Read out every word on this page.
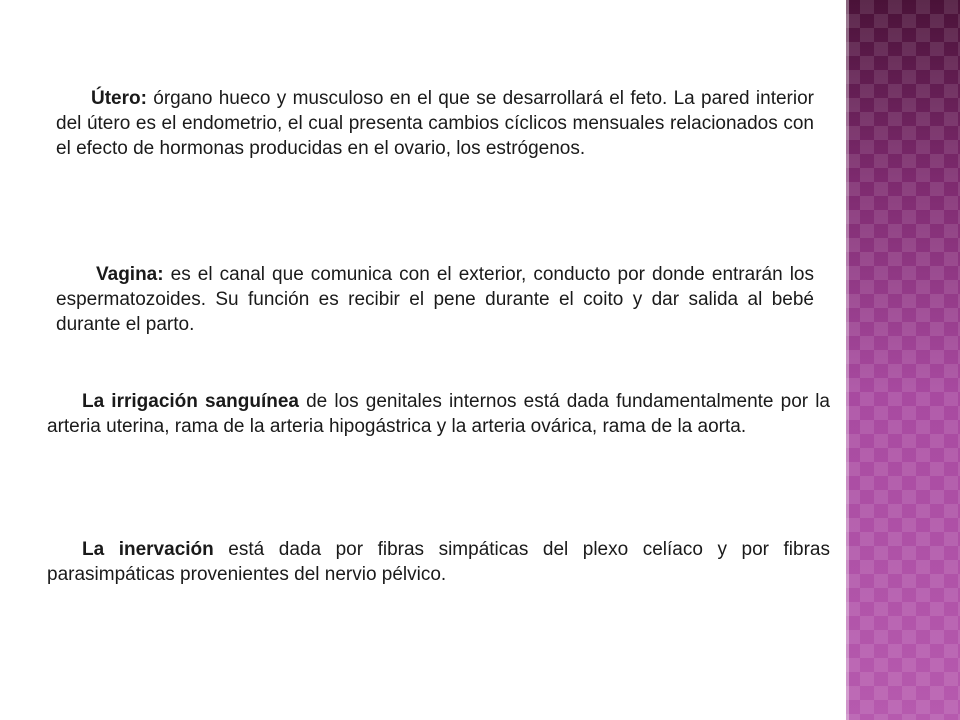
Útero: órgano hueco y musculoso en el que se desarrollará el feto. La pared interior del útero es el endometrio, el cual presenta cambios cíclicos mensuales relacionados con el efecto de hormonas producidas en el ovario, los estrógenos.

Vagina: es el canal que comunica con el exterior, conducto por donde entrarán los espermatozoides. Su función es recibir el pene durante el coito y dar salida al bebé durante el parto.

La irrigación sanguínea de los genitales internos está dada fundamentalmente por la arteria uterina, rama de la arteria hipogástrica y la arteria ovárica, rama de la aorta.

La inervación está dada por fibras simpáticas del plexo celíaco y por fibras parasimpáticas provenientes del nervio pélvico.
